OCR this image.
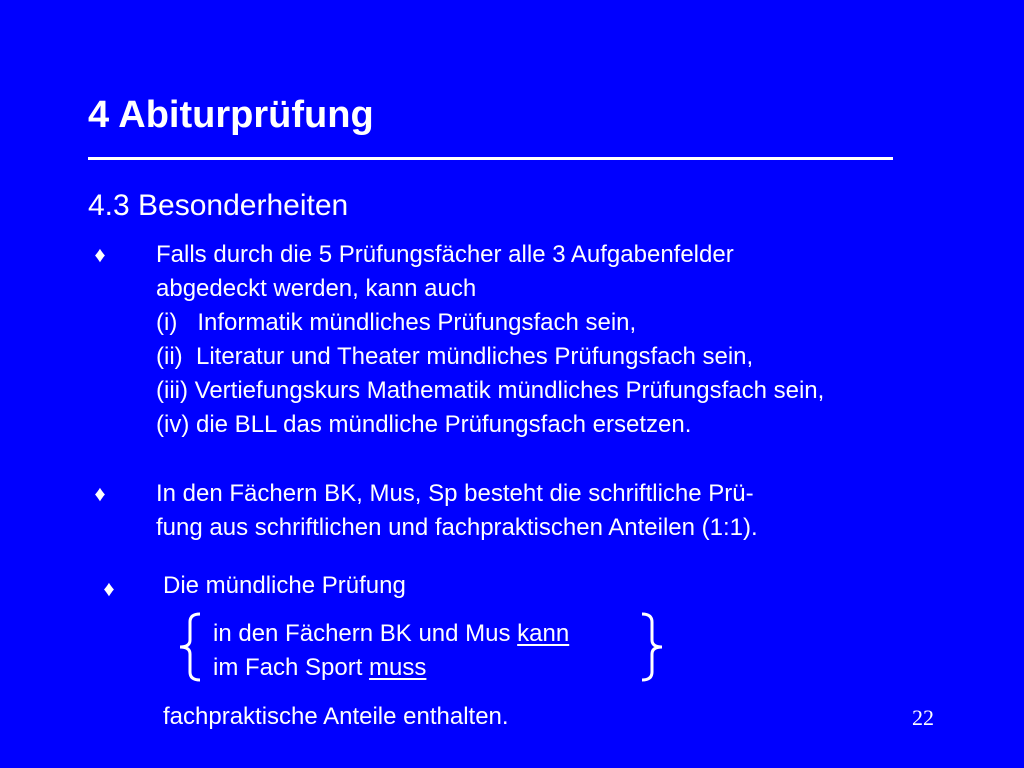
4 Abiturprüfung
4.3 Besonderheiten
♦ Falls durch die 5 Prüfungsfächer alle 3 Aufgabenfelder
abgedeckt werden, kann auch
(i)   Informatik mündliches Prüfungsfach sein,
(ii)  Literatur und Theater mündliches Prüfungsfach sein,
(iii) Vertiefungskurs Mathematik mündliches Prüfungsfach sein,
(iv) die BLL das mündliche Prüfungsfach ersetzen.
♦ In den Fächern BK, Mus, Sp besteht die schriftliche Prü-
fung aus schriftlichen und fachpraktischen Anteilen (1:1).
♦ Die mündliche Prüfung
in den Fächern BK und Mus kann
im Fach Sport muss
fachpraktische Anteile enthalten.	22
